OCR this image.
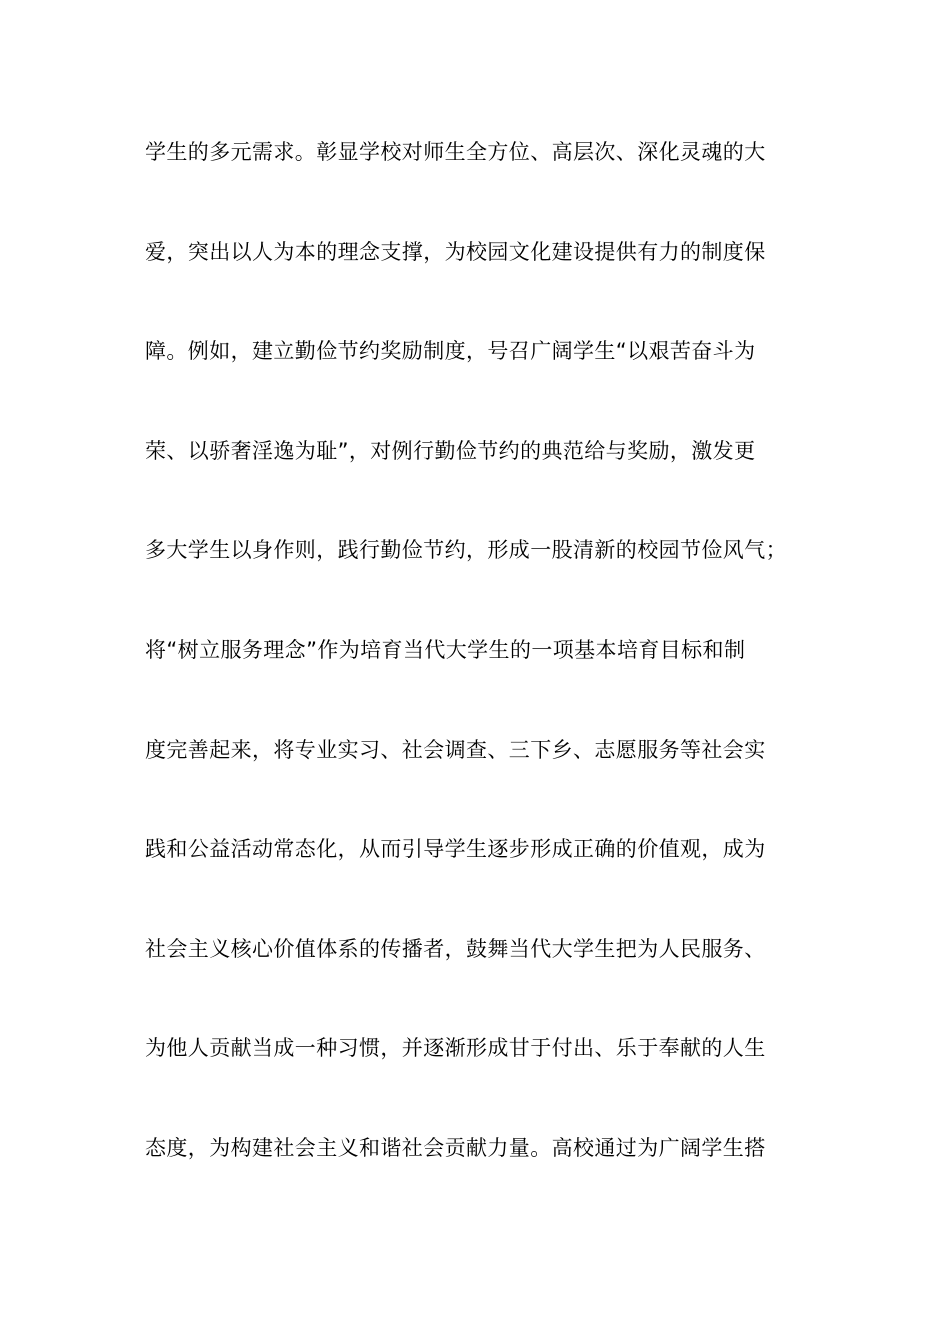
学生的多元需求。彰显学校对师生全方位、高层次、深化灵魂的大
爱，突出以人为本的理念支撑，为校园文化建设提供有力的制度保
障。例如，建立勤俭节约奖励制度，号召广阔学生“以艰苦奋斗为
荣、以骄奢淫逸为耻”，对例行勤俭节约的典范给与奖励，激发更
多大学生以身作则，践行勤俭节约，形成一股清新的校园节俭风气；
将“树立服务理念”作为培育当代大学生的一项基本培育目标和制
度完善起来，将专业实习、社会调查、三下乡、志愿服务等社会实
践和公益活动常态化，从而引导学生逐步形成正确的价值观，成为
社会主义核心价值体系的传播者，鼓舞当代大学生把为人民服务、
为他人贡献当成一种习惯，并逐渐形成甘于付出、乐于奉献的人生
态度，为构建社会主义和谐社会贡献力量。高校通过为广阔学生搭
